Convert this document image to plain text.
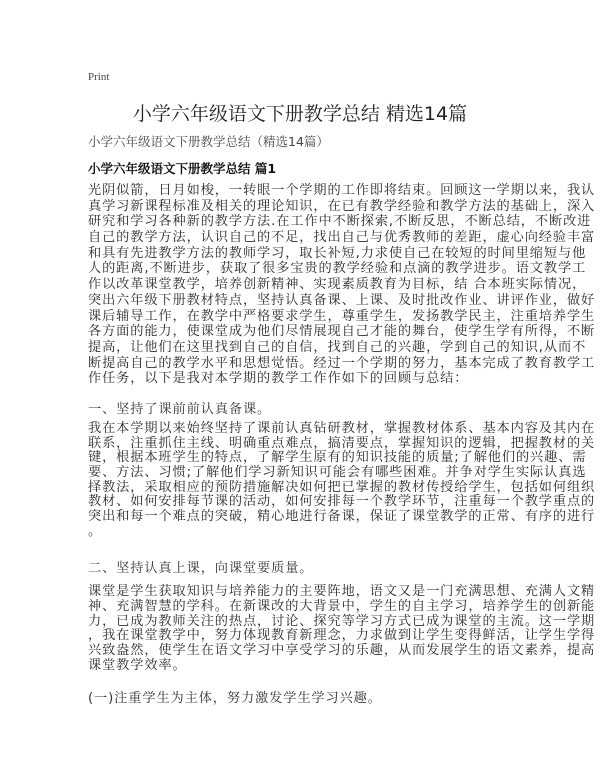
Print
小学六年级语文下册教学总结 精选14篇
小学六年级语文下册教学总结（精选14篇）
小学六年级语文下册教学总结 篇1
光阴似箭，日月如梭，一转眼一个学期的工作即将结束。回顾这一学期以来，我认
真学习新课程标准及相关的理论知识，在已有教学经验和教学方法的基础上，深入
研究和学习各种新的教学方法.在工作中不断探索,不断反思，不断总结，不断改进
自己的教学方法，认识自己的不足，找出自己与优秀教师的差距，虚心向经验丰富
和具有先进教学方法的教师学习，取长补短,力求使自己在较短的时间里缩短与他
人的距离,不断进步，获取了很多宝贵的教学经验和点滴的教学进步。语文教学工
作以改革课堂教学，培养创新精神、实现素质教育为目标，结 合本班实际情况，
突出六年级下册教材特点，坚持认真备课、上课、及时批改作业、讲评作业，做好
课后辅导工作，在教学中严格要求学生，尊重学生，发扬教学民主，注重培养学生
各方面的能力，使课堂成为他们尽情展现自己才能的舞台，使学生学有所得，不断
提高，让他们在这里找到自己的自信，找到自己的兴趣，学到自己的知识,从而不
断提高自己的教学水平和思想觉悟。经过一个学期的努力，基本完成了教育教学工
作任务，以下是我对本学期的教学工作作如下的回顾与总结：
一、坚持了课前前认真备课。
我在本学期以来始终坚持了课前认真钻研教材，掌握教材体系、基本内容及其内在
联系，注重抓住主线、明确重点难点，搞清要点，掌握知识的逻辑，把握教材的关
键，根据本班学生的特点，了解学生原有的知识技能的质量;了解他们的兴趣、需
要、方法、习惯;了解他们学习新知识可能会有哪些困难。并争对学生实际认真选
择教法，采取相应的预防措施解决如何把已掌握的教材传授给学生，包括如何组织
教材、如何安排每节课的活动，如何安排每一个教学环节，注重每一个教学重点的
突出和每一个难点的突破，精心地进行备课，保证了课堂教学的正常、有序的进行
。
二、坚持认真上课，向课堂要质量。
课堂是学生获取知识与培养能力的主要阵地，语文又是一门充满思想、充满人文精
神、充满智慧的学科。在新课改的大背景中，学生的自主学习，培养学生的创新能
力，已成为教师关注的热点，讨论、探究等学习方式已成为课堂的主流。这一学期
，我在课堂教学中，努力体现教育新理念，力求做到让学生变得鲜活，让学生学得
兴致盎然，使学生在语文学习中享受学习的乐趣，从而发展学生的语文素养，提高
课堂教学效率。
(一)注重学生为主体，努力激发学生学习兴趣。
